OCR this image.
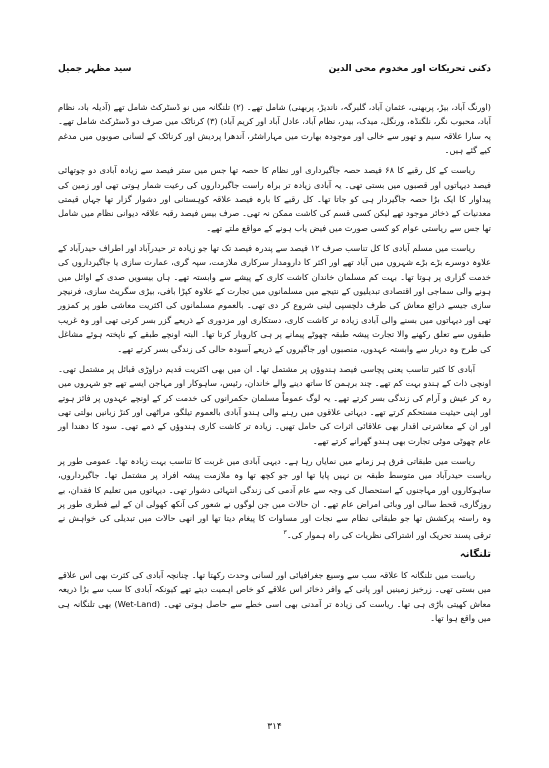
دکنی تحریکات اور مخدوم محی الدین
سید مظہر جمیل

(اورنگ آباد، بیڑ، پربھنی، عثمان آباد، گلبرگہ، ناندیڑ، پربھنی) شامل تھے۔ (۲) تلنگانہ میں نو ڈسٹرکٹ شامل تھے (آدیلہ باد، نظام آباد، محبوب نگر، نلگنڈہ، ورنگل، میدک، بیدر، نظام آباد، عادل آباد اور کریم آباد) (۳) کرناٹک میں صرف دو ڈسٹرکٹ شامل تھے۔ یہ سارا علاقہ سیم و تھور سے خالی اور موجودہ بھارت میں مہاراشٹر، آندھرا پردیش اور کرناٹک کے لسانی صوبوں میں مدغم کیے گئے ہیں۔

ریاست کے کل رقبے کا ۶۸ فیصد حصہ جاگیرداری اور نظام کا حصہ تھا جس میں ستر فیصد سے زیادہ آبادی دو چوتھائی فیصد دیہاتوں اور قصبوں میں بستی تھی۔ یہ آبادی زیادہ تر براہ راست جاگیرداروں کی رعیت شمار ہوتی تھی اور زمین کی پیداوار کا ایک بڑا حصہ جاگیردار ہی کو جاتا تھا۔ کل رقبے کا بارہ فیصد علاقہ کوہستانی اور دشوار گزار تھا جہاں قیمتی معدنیات کے ذخائر موجود تھے لیکن کسی قسم کی کاشت ممکن نہ تھی۔ صرف بیس فیصد رقبہ علاقہ دیوانی نظام میں شامل تھا جس سے ریاستی عوام کو کسی صورت میں فیض یاب ہونے کے مواقع ملتے تھے۔

ریاست میں مسلم آبادی کا کل تناسب صرف ۱۲ فیصد سے پندرہ فیصد تک تھا جو زیادہ تر حیدرآباد اور اطراف حیدرآباد کے علاوہ دوسرے بڑے بڑے شہروں میں آباد تھے اور اکثر کا دارومدار سرکاری ملازمت، سپہ گری، عمارت سازی یا جاگیرداروں کی خدمت گزاری پر ہوتا تھا۔ بہت کم مسلمان خاندان کاشت کاری کے پیشے سے وابستہ تھے۔ ہاں بیسویں صدی کے اوائل میں ہونے والی سماجی اور اقتصادی تبدیلیوں کے نتیجے میں مسلمانوں میں تجارت کے علاوہ کپڑا بافی، بیڑی سگریٹ سازی، فرنیچر سازی جیسے ذرائع معاش کی طرف دلچسپی لینی شروع کر دی تھی۔ بالعموم مسلمانوں کی اکثریت معاشی طور پر کمزور تھی اور دیہاتوں میں بسنے والی آبادی زیادہ تر کاشت کاری، دستکاری اور مزدوری کے ذریعے گزر بسر کرتی تھی اور وہ غریب طبقوں سے تعلق رکھنے والا تجارت پیشہ طبقہ چھوٹے پیمانے پر ہی کاروبار کرتا تھا۔ البتہ اونچے طبقے کے ناپختہ ہوئے مشاغل کی طرح وہ دربار سے وابستہ عہدوں، منصبوں اور جاگیروں کے ذریعے آسودہ حالی کی زندگی بسر کرتے تھے۔

آبادی کا کثیر تناسب یعنی پچاسی فیصد ہندوؤں پر مشتمل تھا۔ ان میں بھی اکثریت قدیم دراوڑی قبائل پر مشتمل تھی۔ اونچی ذات کے ہندو بہت کم تھے۔ چند برہمن کا ساتھ دینے والے خاندان، رئیس، ساہوکار اور مہاجن ایسے تھے جو شہروں میں رہ کر عیش و آرام کی زندگی بسر کرتے تھے۔ یہ لوگ عموماً مسلمان حکمرانوں کی خدمت کر کے اونچے عہدوں پر فائز ہوتے اور اپنی حیثیت مستحکم کرتے تھے۔ دیہاتی علاقوں میں رہنے والی ہندو آبادی بالعموم تیلگو، مراٹھی اور کنڑ زبانیں بولتی تھی اور ان کے معاشرتی اقدار بھی علاقائی اثرات کی حامل تھیں۔ زیادہ تر کاشت کاری ہندوؤں کے ذمے تھی۔ سود کا دھندا اور عام چھوٹی موٹی تجارت بھی ہندو گھرانے کرتے تھے۔

ریاست میں طبقاتی فرق ہر زمانے میں نمایاں رہا ہے۔ دیہی آبادی میں غربت کا تناسب بہت زیادہ تھا۔ عمومی طور پر ریاست حیدرآباد میں متوسط طبقہ بن نہیں پایا تھا اور جو کچھ تھا وہ ملازمت پیشہ افراد پر مشتمل تھا۔ جاگیرداروں، ساہوکاروں اور مہاجنوں کے استحصال کی وجہ سے عام آدمی کی زندگی انتہائی دشوار تھی۔ دیہاتوں میں تعلیم کا فقدان، بے روزگاری، قحط سالی اور وبائی امراض عام تھے۔ ان حالات میں جن لوگوں نے شعور کی آنکھ کھولی ان کے لیے فطری طور پر وہ راستہ پرکشش تھا جو طبقاتی نظام سے نجات اور مساوات کا پیغام دیتا تھا اور انھی حالات میں تبدیلی کی خواہش نے ترقی پسند تحریک اور اشتراکی نظریات کی راہ ہموار کی۔$^۳$

تلنگانہ

ریاست میں تلنگانہ کا علاقہ سب سے وسیع جغرافیائی اور لسانی وحدت رکھتا تھا۔ چنانچہ آبادی کی کثرت بھی اس علاقے میں بستی تھی۔ زرخیز زمینیں اور پانی کے وافر ذخائر اس علاقے کو خاص اہمیت دیتے تھے کیونکہ آبادی کا سب سے بڑا ذریعہ معاش کھیتی باڑی ہی تھا۔ ریاست کی زیادہ تر آمدنی بھی اسی خطے سے حاصل ہوتی تھی۔ (Wet-Land) بھی تلنگانہ ہی میں واقع ہوا تھا۔

۳۱۴
